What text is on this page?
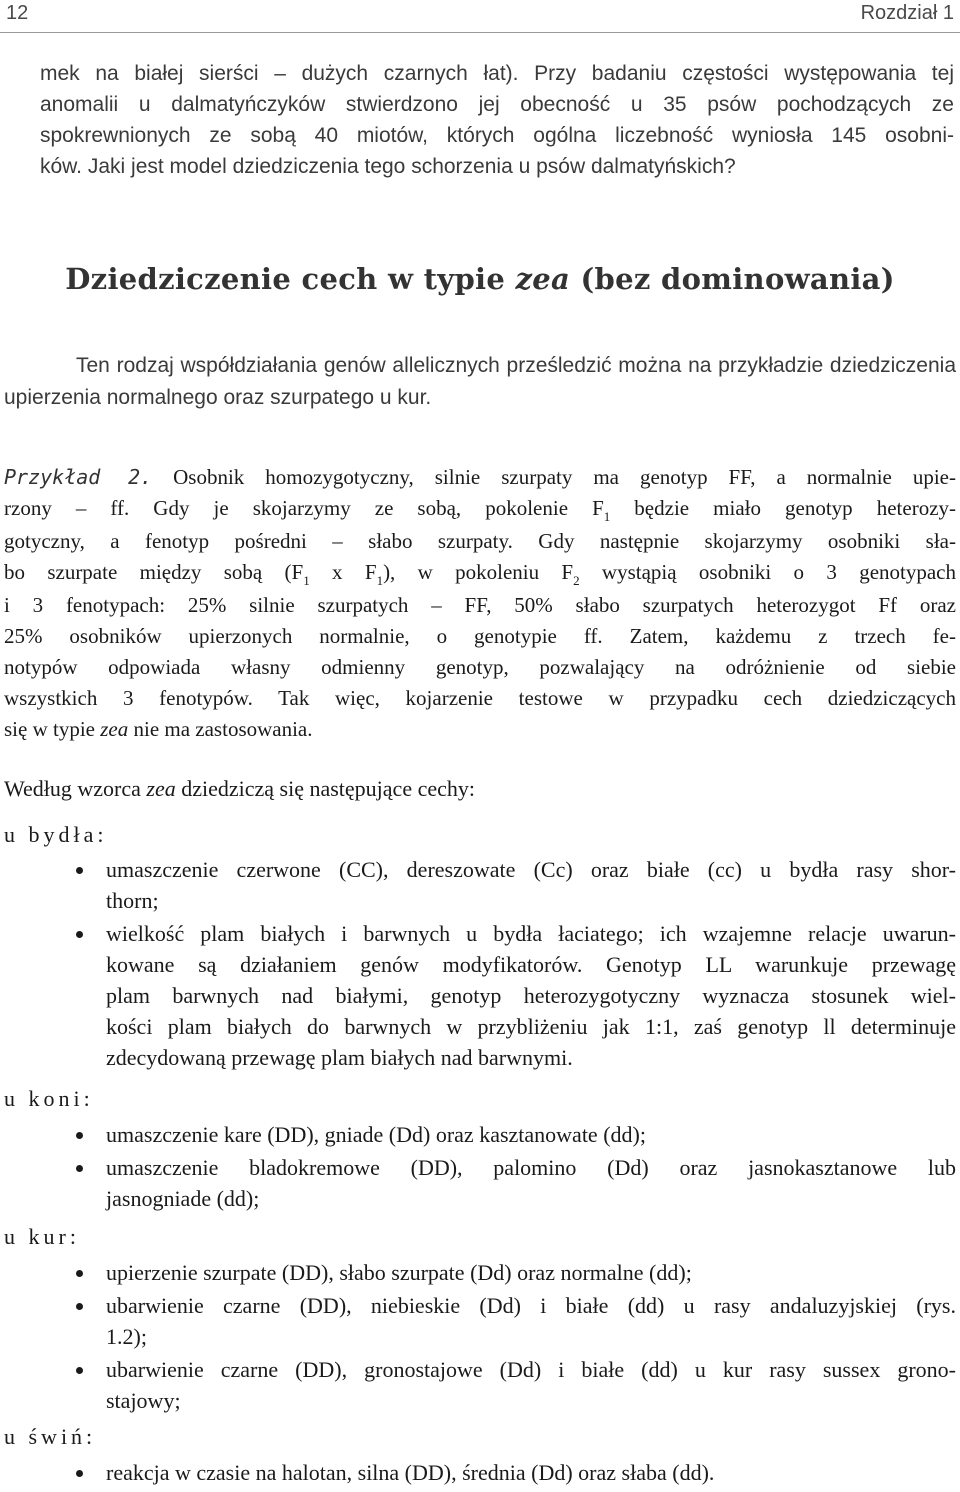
12	Rozdział 1

mek na białej sierści – dużych czarnych łat). Przy badaniu częstości występowania tej
anomalii u dalmatyńczyków stwierdzono jej obecność u 35 psów pochodzących ze
spokrewnionych ze sobą 40 miotów, których ogólna liczebność wyniosła 145 osobni-
ków. Jaki jest model dziedziczenia tego schorzenia u psów dalmatyńskich?

Dziedziczenie cech w typie zea (bez dominowania)

Ten rodzaj współdziałania genów allelicznych prześledzić można na przykładzie dziedziczenia upierzenia normalnego oraz szurpatego u kur.

Przykład 2. Osobnik homozygotyczny, silnie szurpaty ma genotyp FF, a normalnie upie-
rzony – ff. Gdy je skojarzymy ze sobą, pokolenie $F_1$ będzie miało genotyp heterozy-
gotyczny, a fenotyp pośredni – słabo szurpaty. Gdy następnie skojarzymy osobniki sła-
bo szurpate między sobą ($F_1$ x $F_1$), w pokoleniu $F_2$ wystąpią osobniki o 3 genotypach
i 3 fenotypach: 25% silnie szurpatych – FF, 50% słabo szurpatych heterozygot Ff oraz
25% osobników upierzonych normalnie, o genotypie ff. Zatem, każdemu z trzech fe-
notypów odpowiada własny odmienny genotyp, pozwalający na odróżnienie od siebie
wszystkich 3 fenotypów. Tak więc, kojarzenie testowe w przypadku cech dziedziczących
się w typie zea nie ma zastosowania.

Według wzorca zea dziedziczą się następujące cechy:

u bydła:

umaszczenie czerwone (CC), dereszowate (Cc) oraz białe (cc) u bydła rasy shor-
thorn;
wielkość plam białych i barwnych u bydła łaciatego; ich wzajemne relacje uwarun-
kowane są działaniem genów modyfikatorów. Genotyp LL warunkuje przewagę
plam barwnych nad białymi, genotyp heterozygotyczny wyznacza stosunek wiel-
kości plam białych do barwnych w przybliżeniu jak 1:1, zaś genotyp ll determinuje
zdecydowaną przewagę plam białych nad barwnymi.

u koni:

umaszczenie kare (DD), gniade (Dd) oraz kasztanowate (dd);
umaszczenie bladokremowe (DD), palomino (Dd) oraz jasnokasztanowe lub
jasnogniade (dd);

u kur:

upierzenie szurpate (DD), słabo szurpate (Dd) oraz normalne (dd);
ubarwienie czarne (DD), niebieskie (Dd) i białe (dd) u rasy andaluzyjskiej (rys.
1.2);
ubarwienie czarne (DD), gronostajowe (Dd) i białe (dd) u kur rasy sussex grono-
stajowy;

u świń:

reakcja w czasie na halotan, silna (DD), średnia (Dd) oraz słaba (dd).
